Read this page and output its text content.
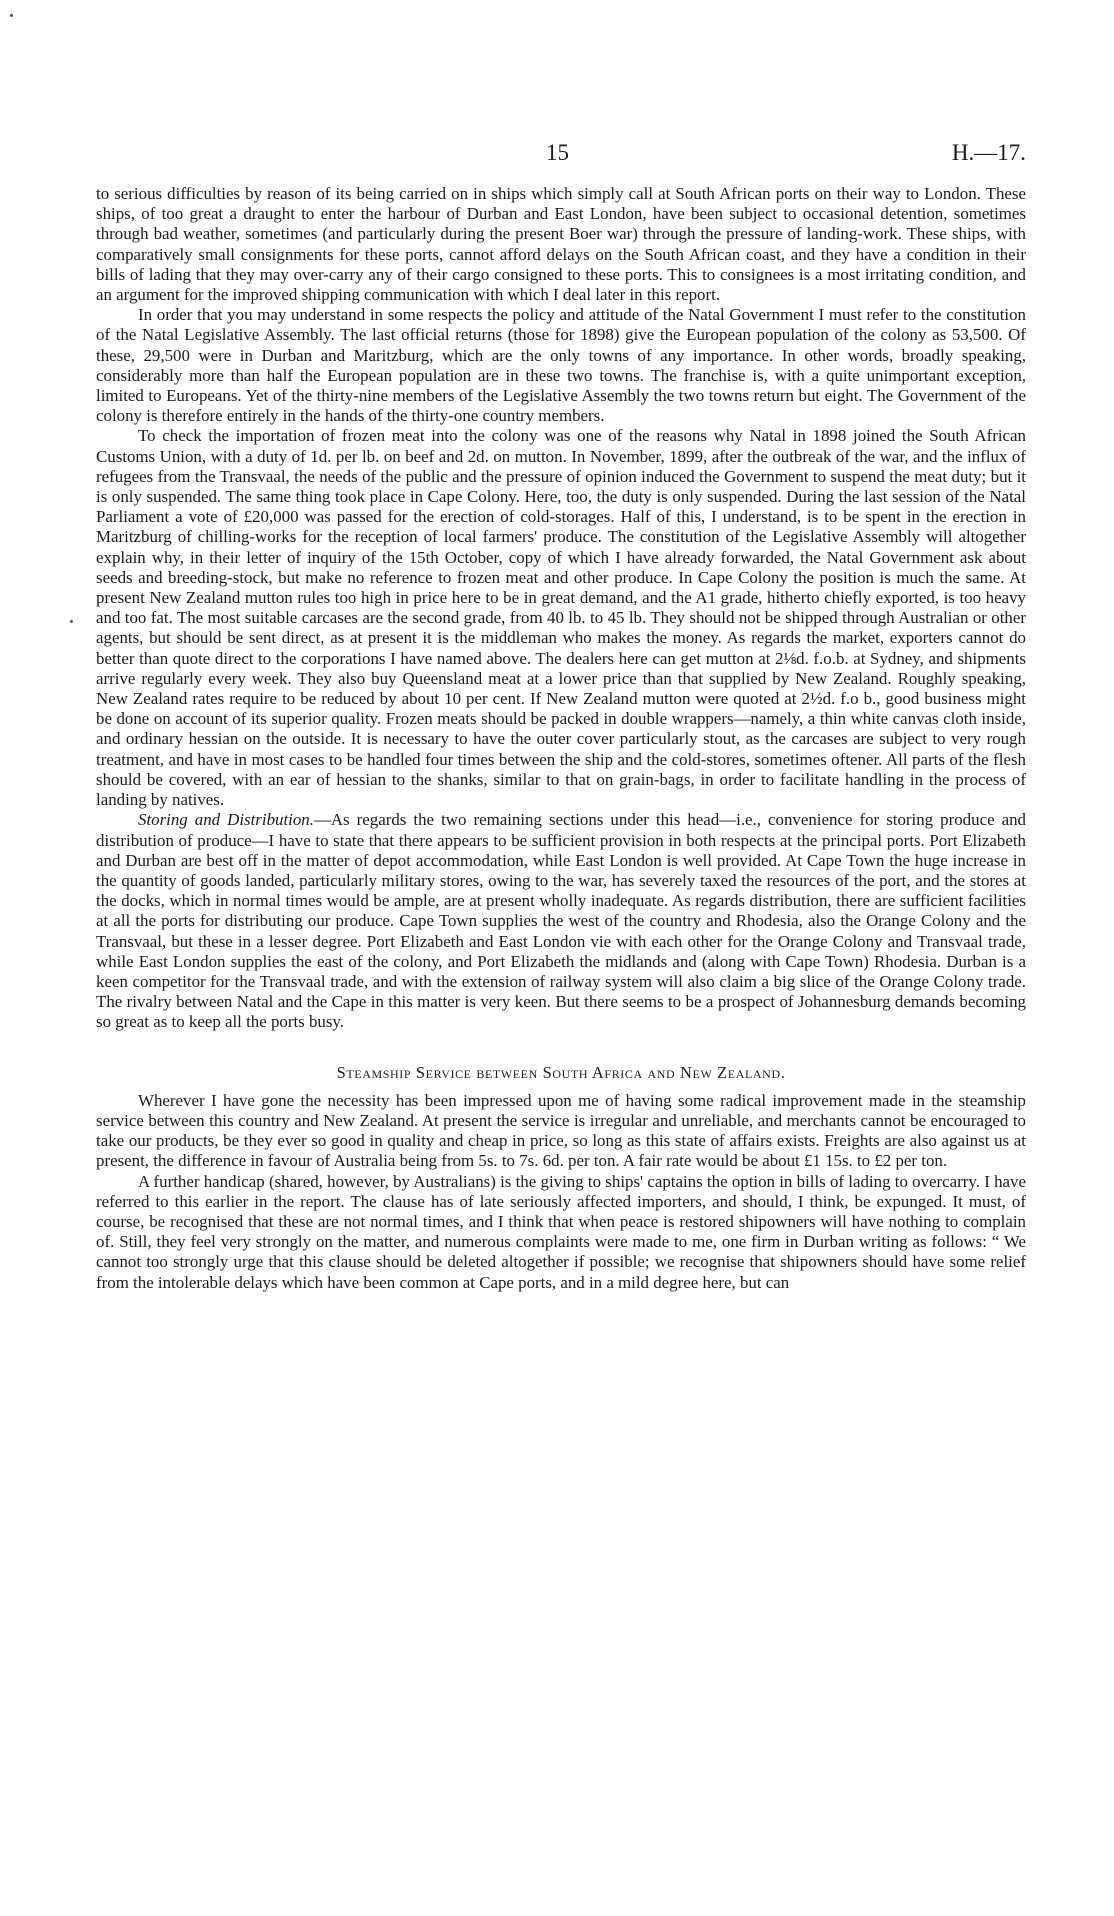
15	H.—17.

to serious difficulties by reason of its being carried on in ships which simply call at South African ports on their way to London. These ships, of too great a draught to enter the harbour of Durban and East London, have been subject to occasional detention, sometimes through bad weather, sometimes (and particularly during the present Boer war) through the pressure of landing-work. These ships, with comparatively small consignments for these ports, cannot afford delays on the South African coast, and they have a condition in their bills of lading that they may over-carry any of their cargo consigned to these ports. This to consignees is a most irritating condition, and an argument for the improved shipping communication with which I deal later in this report.

In order that you may understand in some respects the policy and attitude of the Natal Government I must refer to the constitution of the Natal Legislative Assembly. The last official returns (those for 1898) give the European population of the colony as 53,500. Of these, 29,500 were in Durban and Maritzburg, which are the only towns of any importance. In other words, broadly speaking, considerably more than half the European population are in these two towns. The franchise is, with a quite unimportant exception, limited to Europeans. Yet of the thirty-nine members of the Legislative Assembly the two towns return but eight. The Government of the colony is therefore entirely in the hands of the thirty-one country members.

To check the importation of frozen meat into the colony was one of the reasons why Natal in 1898 joined the South African Customs Union, with a duty of 1d. per lb. on beef and 2d. on mutton. In November, 1899, after the outbreak of the war, and the influx of refugees from the Transvaal, the needs of the public and the pressure of opinion induced the Government to suspend the meat duty; but it is only suspended. The same thing took place in Cape Colony. Here, too, the duty is only suspended. During the last session of the Natal Parliament a vote of £20,000 was passed for the erection of cold-storages. Half of this, I understand, is to be spent in the erection in Maritzburg of chilling-works for the reception of local farmers' produce. The constitution of the Legislative Assembly will altogether explain why, in their letter of inquiry of the 15th October, copy of which I have already forwarded, the Natal Government ask about seeds and breeding-stock, but make no reference to frozen meat and other produce. In Cape Colony the position is much the same. At present New Zealand mutton rules too high in price here to be in great demand, and the A1 grade, hitherto chiefly exported, is too heavy and too fat. The most suitable carcases are the second grade, from 40 lb. to 45 lb. They should not be shipped through Australian or other agents, but should be sent direct, as at present it is the middleman who makes the money. As regards the market, exporters cannot do better than quote direct to the corporations I have named above. The dealers here can get mutton at 2⅛d. f.o.b. at Sydney, and shipments arrive regularly every week. They also buy Queensland meat at a lower price than that supplied by New Zealand. Roughly speaking, New Zealand rates require to be reduced by about 10 per cent. If New Zealand mutton were quoted at 2½d. f.o b., good business might be done on account of its superior quality. Frozen meats should be packed in double wrappers—namely, a thin white canvas cloth inside, and ordinary hessian on the outside. It is necessary to have the outer cover particularly stout, as the carcases are subject to very rough treatment, and have in most cases to be handled four times between the ship and the cold-stores, sometimes oftener. All parts of the flesh should be covered, with an ear of hessian to the shanks, similar to that on grain-bags, in order to facilitate handling in the process of landing by natives.

Storing and Distribution.—As regards the two remaining sections under this head—i.e., convenience for storing produce and distribution of produce—I have to state that there appears to be sufficient provision in both respects at the principal ports. Port Elizabeth and Durban are best off in the matter of depot accommodation, while East London is well provided. At Cape Town the huge increase in the quantity of goods landed, particularly military stores, owing to the war, has severely taxed the resources of the port, and the stores at the docks, which in normal times would be ample, are at present wholly inadequate. As regards distribution, there are sufficient facilities at all the ports for distributing our produce. Cape Town supplies the west of the country and Rhodesia, also the Orange Colony and the Transvaal, but these in a lesser degree. Port Elizabeth and East London vie with each other for the Orange Colony and Transvaal trade, while East London supplies the east of the colony, and Port Elizabeth the midlands and (along with Cape Town) Rhodesia. Durban is a keen competitor for the Transvaal trade, and with the extension of railway system will also claim a big slice of the Orange Colony trade. The rivalry between Natal and the Cape in this matter is very keen. But there seems to be a prospect of Johannesburg demands becoming so great as to keep all the ports busy.

Steamship Service between South Africa and New Zealand.

Wherever I have gone the necessity has been impressed upon me of having some radical improvement made in the steamship service between this country and New Zealand. At present the service is irregular and unreliable, and merchants cannot be encouraged to take our products, be they ever so good in quality and cheap in price, so long as this state of affairs exists. Freights are also against us at present, the difference in favour of Australia being from 5s. to 7s. 6d. per ton. A fair rate would be about £1 15s. to £2 per ton.

A further handicap (shared, however, by Australians) is the giving to ships' captains the option in bills of lading to overcarry. I have referred to this earlier in the report. The clause has of late seriously affected importers, and should, I think, be expunged. It must, of course, be recognised that these are not normal times, and I think that when peace is restored shipowners will have nothing to complain of. Still, they feel very strongly on the matter, and numerous complaints were made to me, one firm in Durban writing as follows: “ We cannot too strongly urge that this clause should be deleted altogether if possible; we recognise that shipowners should have some relief from the intolerable delays which have been common at Cape ports, and in a mild degree here, but can
